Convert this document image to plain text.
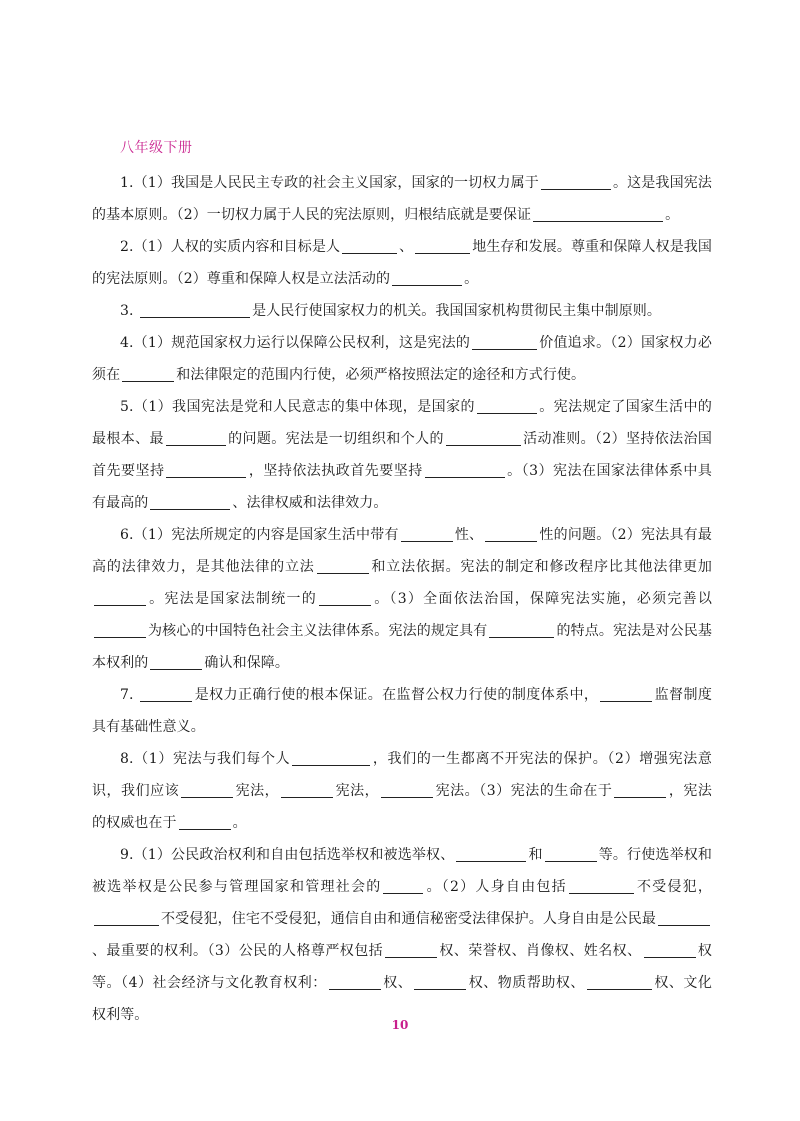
八年级下册

1.（1）我国是人民民主专政的社会主义国家，国家的一切权力属于	。这是我国宪法的基本原则。（2）一切权力属于人民的宪法原则，归根结底就是要保证	。

2.（1）人权的实质内容和目标是人	、	地生存和发展。尊重和保障人权是我国的宪法原则。（2）尊重和保障人权是立法活动的	。

3.	是人民行使国家权力的机关。我国国家机构贯彻民主集中制原则。

4.（1）规范国家权力运行以保障公民权利，这是宪法的	价值追求。（2）国家权力必须在	和法律限定的范围内行使，必须严格按照法定的途径和方式行使。

5.（1）我国宪法是党和人民意志的集中体现，是国家的	。宪法规定了国家生活中的最根本、最	的问题。宪法是一切组织和个人的	活动准则。（2）坚持依法治国首先要坚持	，坚持依法执政首先要坚持	。（3）宪法在国家法律体系中具有最高的	、法律权威和法律效力。

6.（1）宪法所规定的内容是国家生活中带有	性、	性的问题。（2）宪法具有最高的法律效力，是其他法律的立法	和立法依据。宪法的制定和修改程序比其他法律更加。宪法是国家法制统一的	。（3）全面依法治国，保障宪法实施，必须完善以为核心的中国特色社会主义法律体系。宪法的规定具有	的特点。宪法是对公民基本权利的	确认和保障。

7.	是权力正确行使的根本保证。在监督公权力行使的制度体系中，	监督制度具有基础性意义。

8.（1）宪法与我们每个人	，我们的一生都离不开宪法的保护。（2）增强宪法意识，我们应该	宪法，	宪法，	宪法。（3）宪法的生命在于	，宪法的权威也在于	。

9.（1）公民政治权利和自由包括选举权和被选举权、	和	等。行使选举权和被选举权是公民参与管理国家和管理社会的	。（2）人身自由包括	不受侵犯，不受侵犯，住宅不受侵犯，通信自由和通信秘密受法律保护。人身自由是公民最、最重要的权利。（3）公民的人格尊严权包括	权、荣誉权、肖像权、姓名权、	权等。（4）社会经济与文化教育权利：	权、	权、物质帮助权、	权、文化权利等。

10
